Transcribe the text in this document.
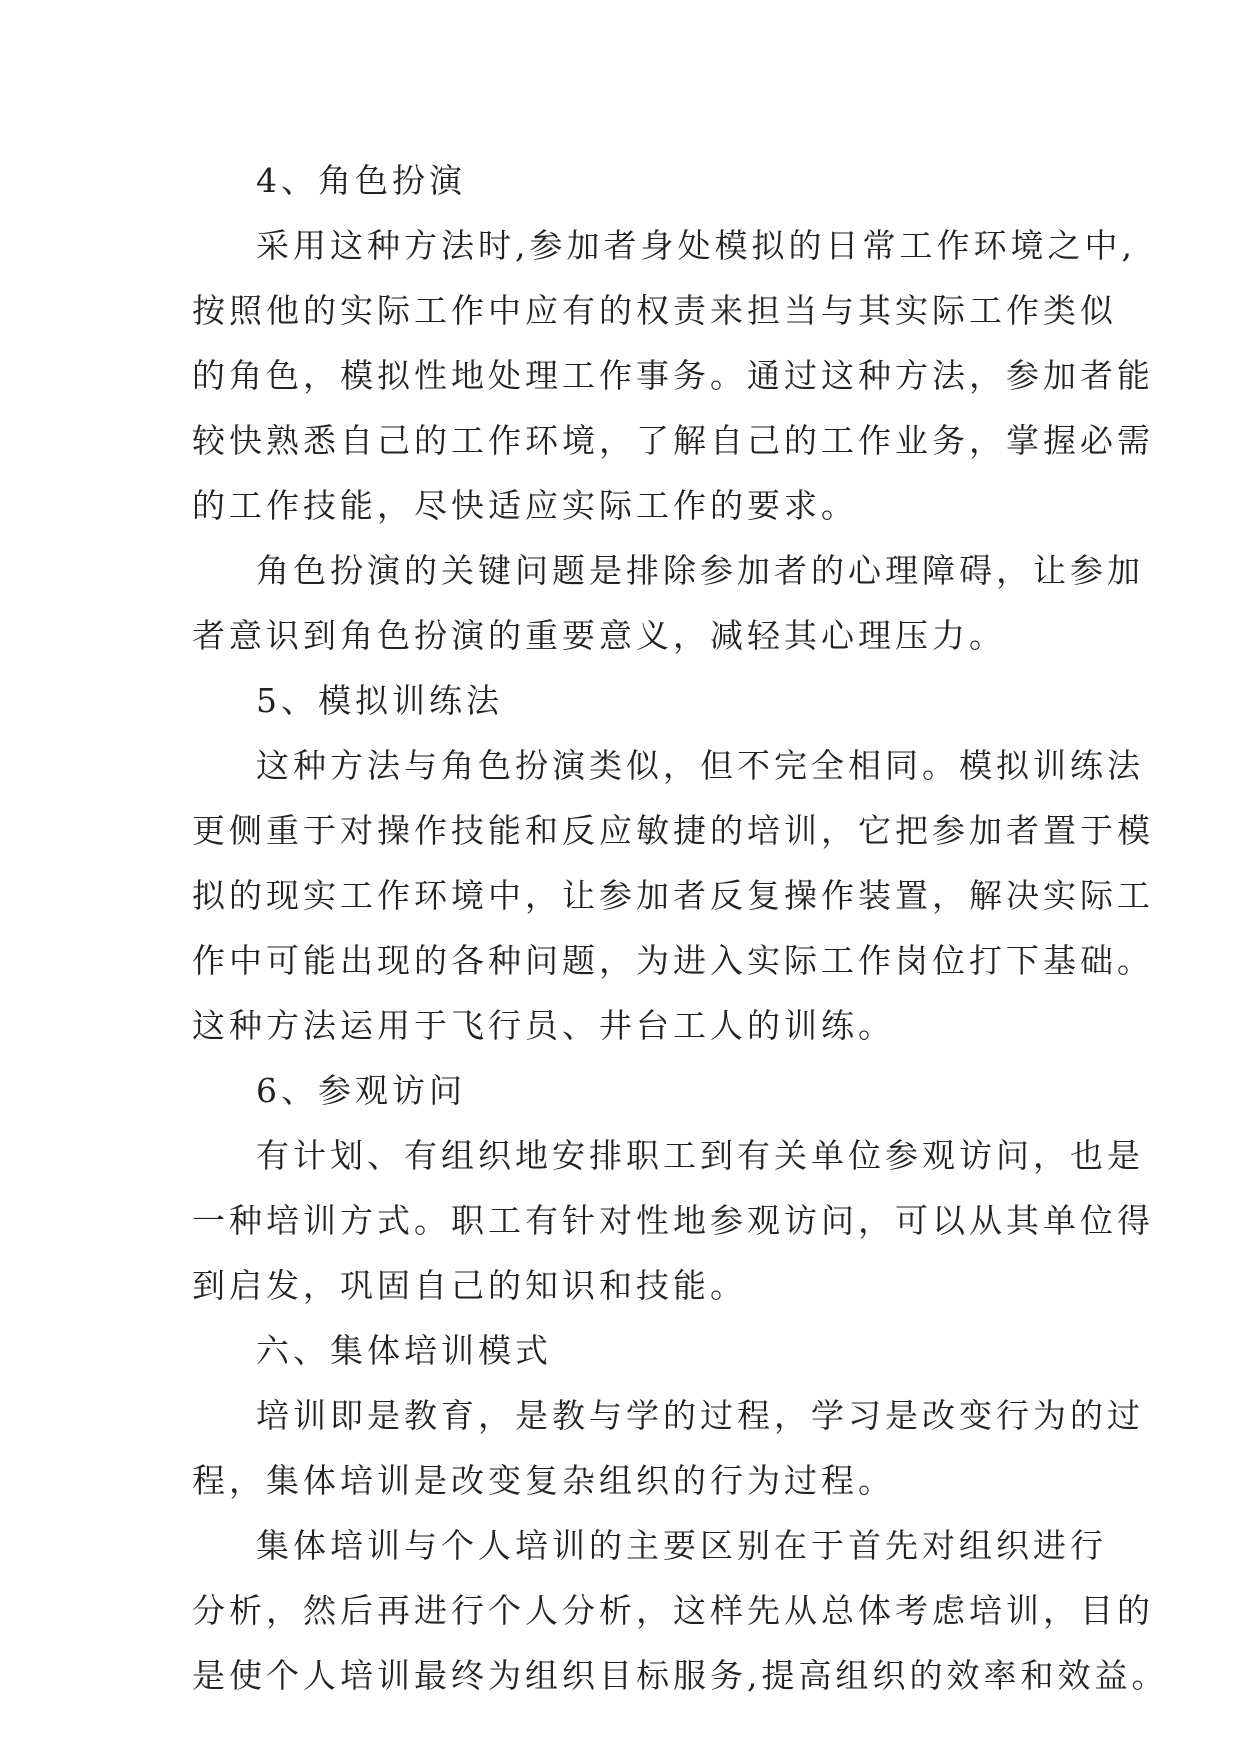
4、角色扮演
采用这种方法时,参加者身处模拟的日常工作环境之中,
按照他的实际工作中应有的权责来担当与其实际工作类似
的角色，模拟性地处理工作事务。通过这种方法，参加者能
较快熟悉自己的工作环境，了解自己的工作业务，掌握必需
的工作技能，尽快适应实际工作的要求。
角色扮演的关键问题是排除参加者的心理障碍，让参加
者意识到角色扮演的重要意义，减轻其心理压力。
5、模拟训练法
这种方法与角色扮演类似，但不完全相同。模拟训练法
更侧重于对操作技能和反应敏捷的培训，它把参加者置于模
拟的现实工作环境中，让参加者反复操作装置，解决实际工
作中可能出现的各种问题，为进入实际工作岗位打下基础。
这种方法运用于飞行员、井台工人的训练。
6、参观访问
有计划、有组织地安排职工到有关单位参观访问，也是
一种培训方式。职工有针对性地参观访问，可以从其单位得
到启发，巩固自己的知识和技能。
六、集体培训模式
培训即是教育，是教与学的过程，学习是改变行为的过
程，集体培训是改变复杂组织的行为过程。
集体培训与个人培训的主要区别在于首先对组织进行
分析，然后再进行个人分析，这样先从总体考虑培训，目的
是使个人培训最终为组织目标服务,提高组织的效率和效益。
